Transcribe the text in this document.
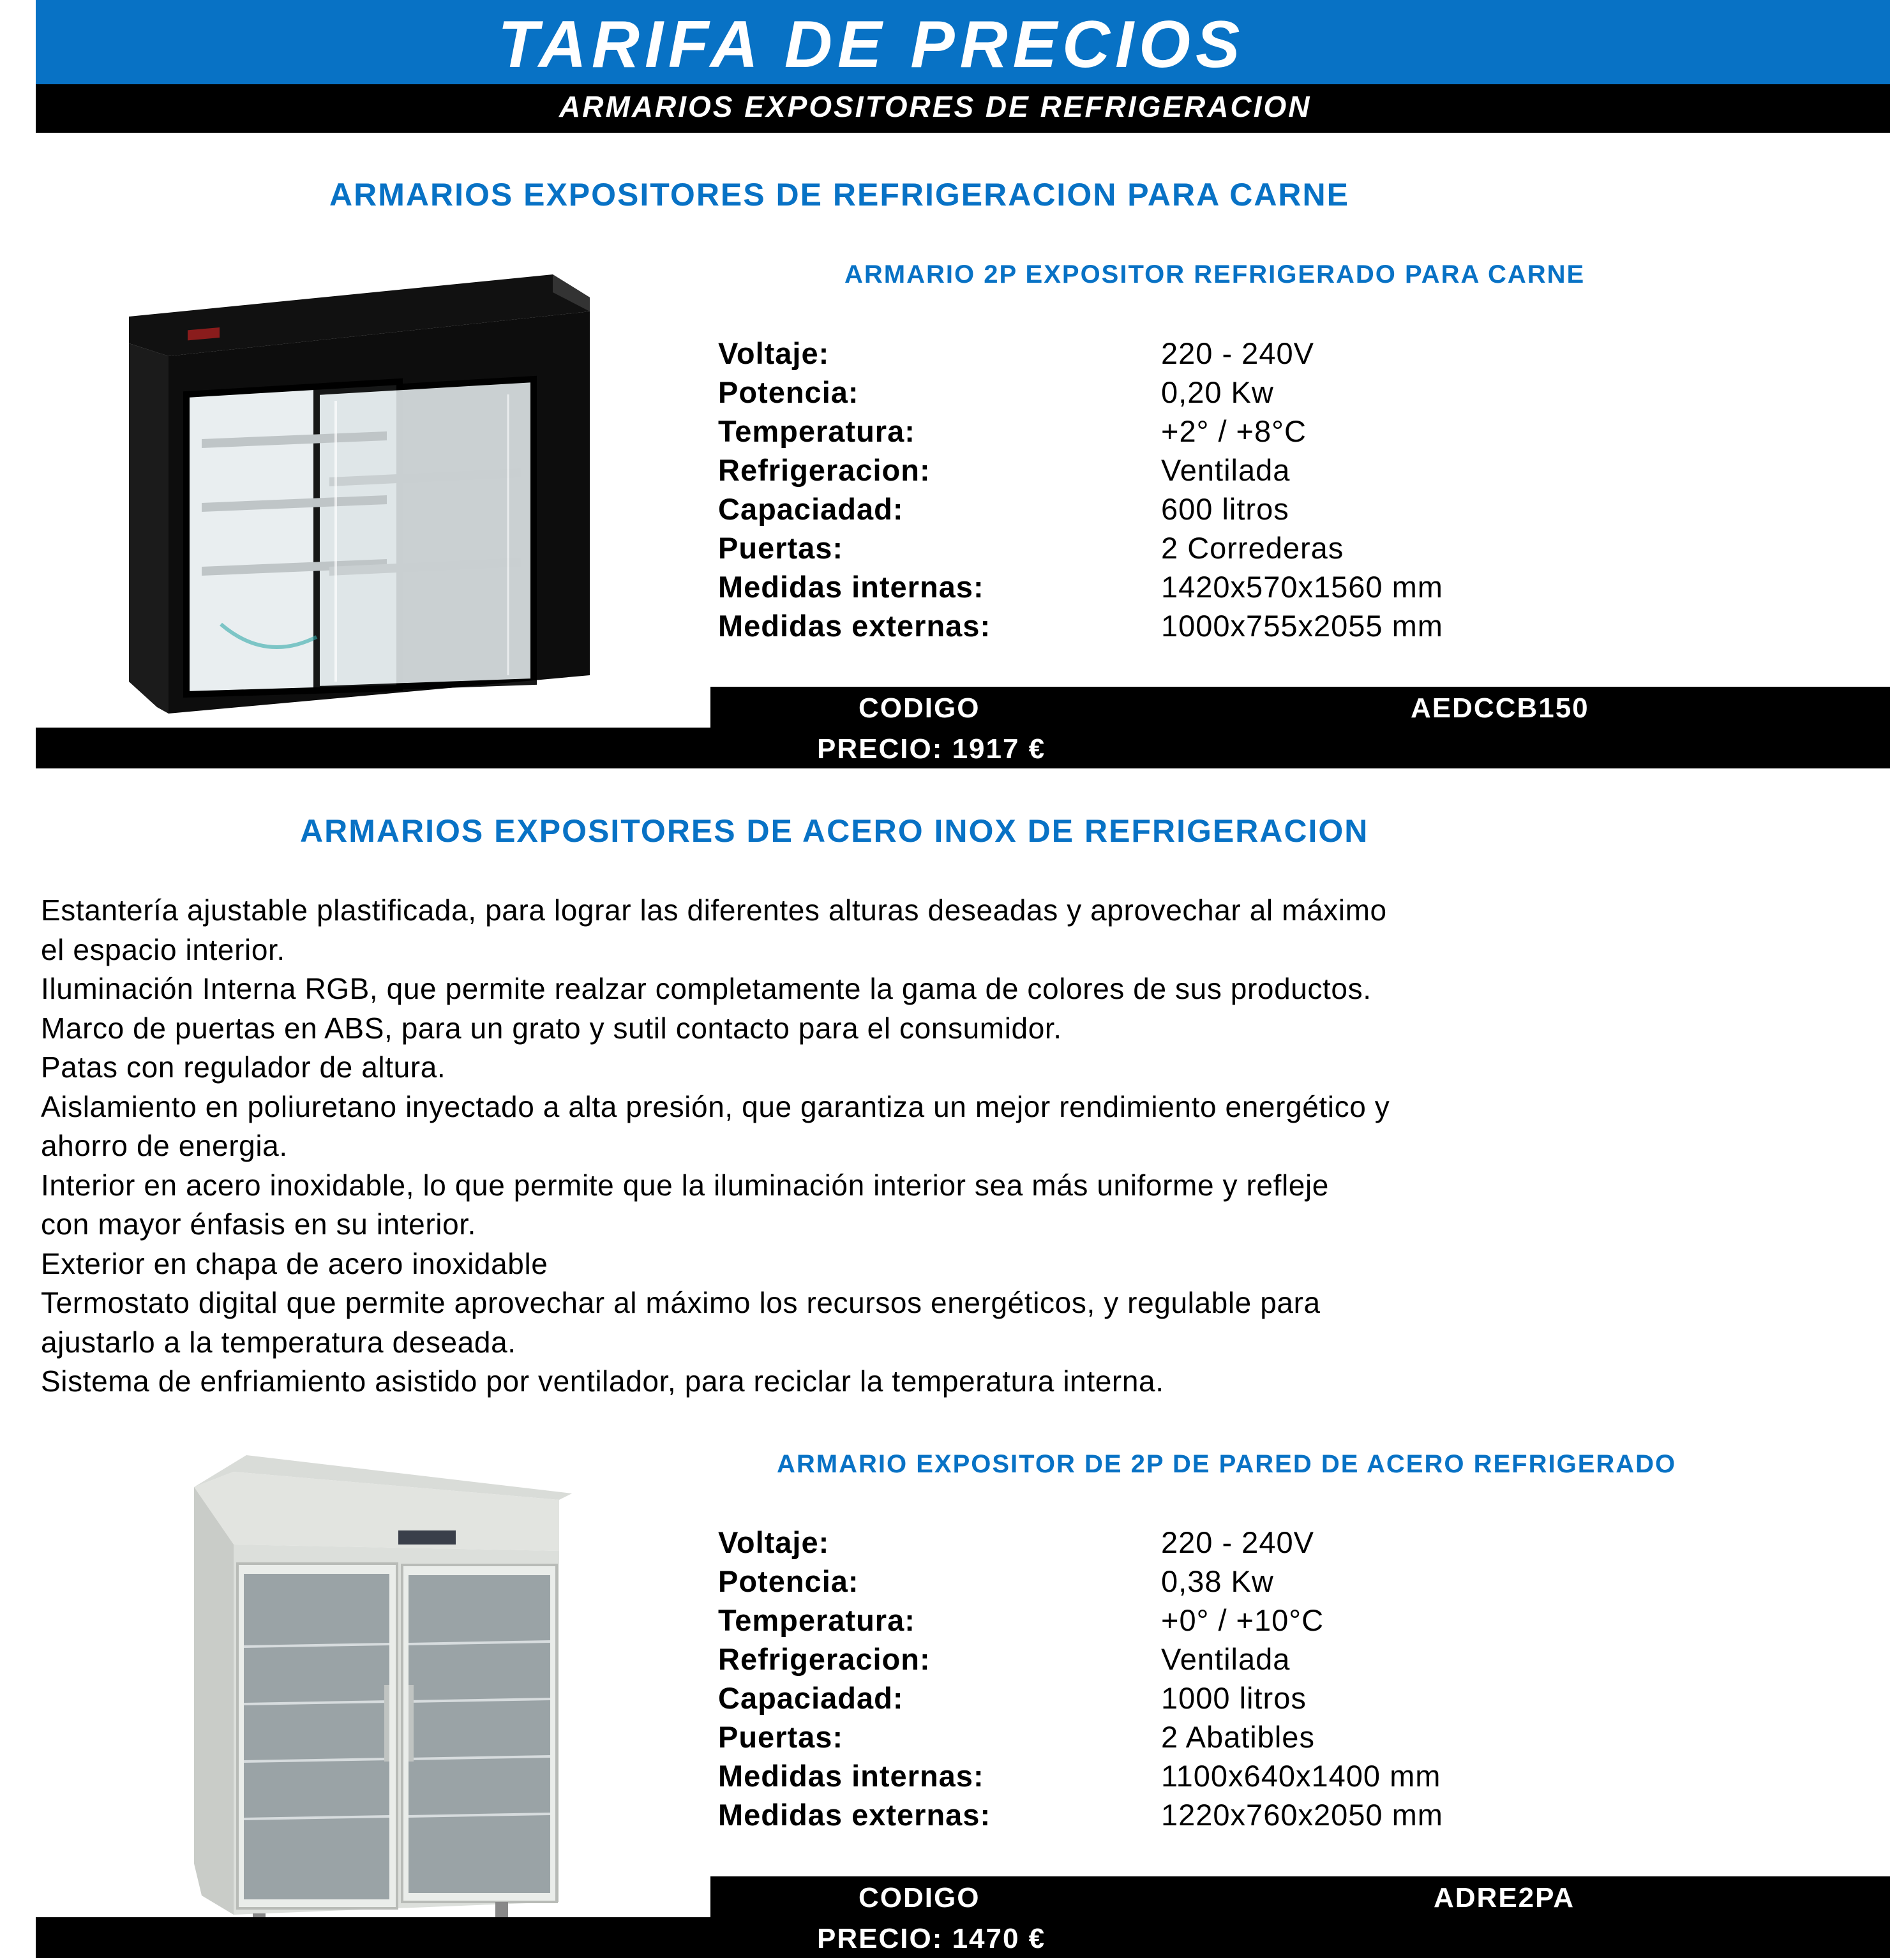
TARIFA DE PRECIOS
ARMARIOS EXPOSITORES DE REFRIGERACION
ARMARIOS EXPOSITORES DE REFRIGERACION PARA CARNE
ARMARIO 2P EXPOSITOR REFRIGERADO PARA CARNE
Voltaje:	220 - 240V
Potencia:	0,20 Kw
Temperatura:	+2° / +8°C
Refrigeracion:	Ventilada
Capaciadad:	600 litros
Puertas:	2 Correderas
Medidas internas:	1420x570x1560 mm
Medidas externas:	1000x755x2055 mm
CODIGO	AEDCCB150
PRECIO: 1917 €
ARMARIOS EXPOSITORES DE ACERO INOX DE REFRIGERACION
Estantería ajustable plastificada, para lograr las diferentes alturas deseadas y aprovechar al máximo
el espacio interior.
Iluminación Interna RGB, que permite realzar completamente la gama de colores de sus productos.
Marco de puertas en ABS, para un grato y sutil contacto para el consumidor.
Patas con regulador de altura.
Aislamiento en poliuretano inyectado a alta presión, que garantiza un mejor rendimiento energético y
ahorro de energia.
Interior en acero inoxidable, lo que permite que la iluminación interior sea más uniforme y refleje
con mayor énfasis en su interior.
Exterior en chapa de acero inoxidable
Termostato digital que permite aprovechar al máximo los recursos energéticos, y regulable para
ajustarlo a la temperatura deseada.
Sistema de enfriamiento asistido por ventilador, para reciclar la temperatura interna.
ARMARIO EXPOSITOR DE 2P DE PARED DE ACERO REFRIGERADO
Voltaje:	220 - 240V
Potencia:	0,38 Kw
Temperatura:	+0° / +10°C
Refrigeracion:	Ventilada
Capaciadad:	1000 litros
Puertas:	2 Abatibles
Medidas internas:	1100x640x1400 mm
Medidas externas:	1220x760x2050 mm
CODIGO	ADRE2PA
PRECIO: 1470 €
